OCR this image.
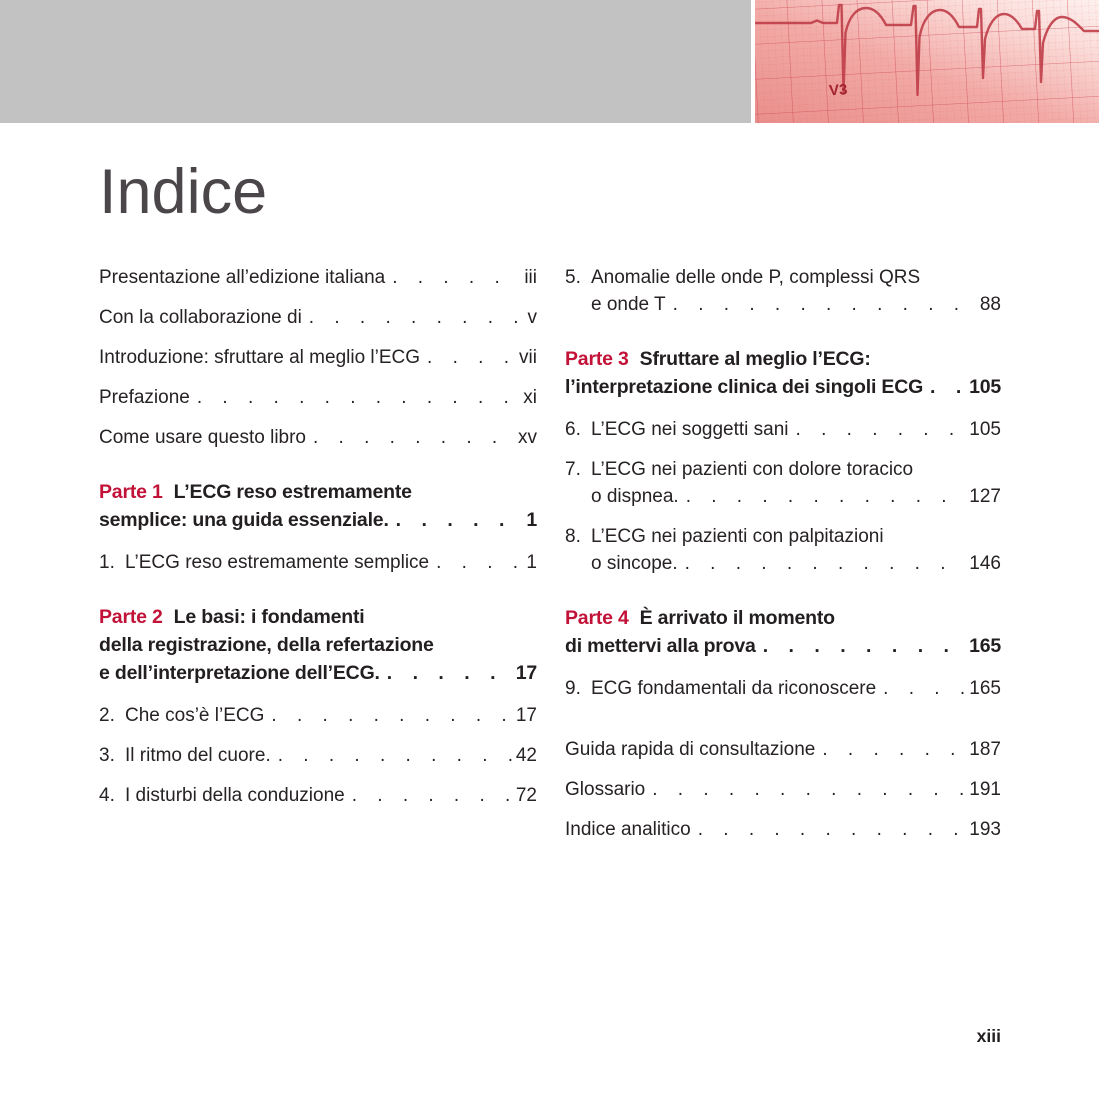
V3
Indice
Presentazione all’edizione italiana . . .	iii
Con la collaborazione di . . .	v
Introduzione: sfruttare al meglio l’ECG . . .	vii
Prefazione . . .	xi
Come usare questo libro . . .	xv
Parte 1 L’ECG reso estremamente
semplice: una guida essenziale. . . .	1
1. L’ECG reso estremamente semplice . . .	1
Parte 2 Le basi: i fondamenti
della registrazione, della refertazione
e dell’interpretazione dell’ECG. . . .	17
2. Che cos’è l’ECG . . .	17
3. Il ritmo del cuore. . . .	42
4. I disturbi della conduzione . . .	72
5. Anomalie delle onde P, complessi QRS
e onde T . . .	88
Parte 3 Sfruttare al meglio l’ECG:
l’interpretazione clinica dei singoli ECG . . . 105
6. L’ECG nei soggetti sani . . .	105
7. L’ECG nei pazienti con dolore toracico
o dispnea. . . .	127
8. L’ECG nei pazienti con palpitazioni
o sincope. . . .	146
Parte 4 È arrivato il momento
di mettervi alla prova . . .	165
9. ECG fondamentali da riconoscere . . .	165
Guida rapida di consultazione . . .	187
Glossario . . .	191
Indice analitico . . .	193
xiii
